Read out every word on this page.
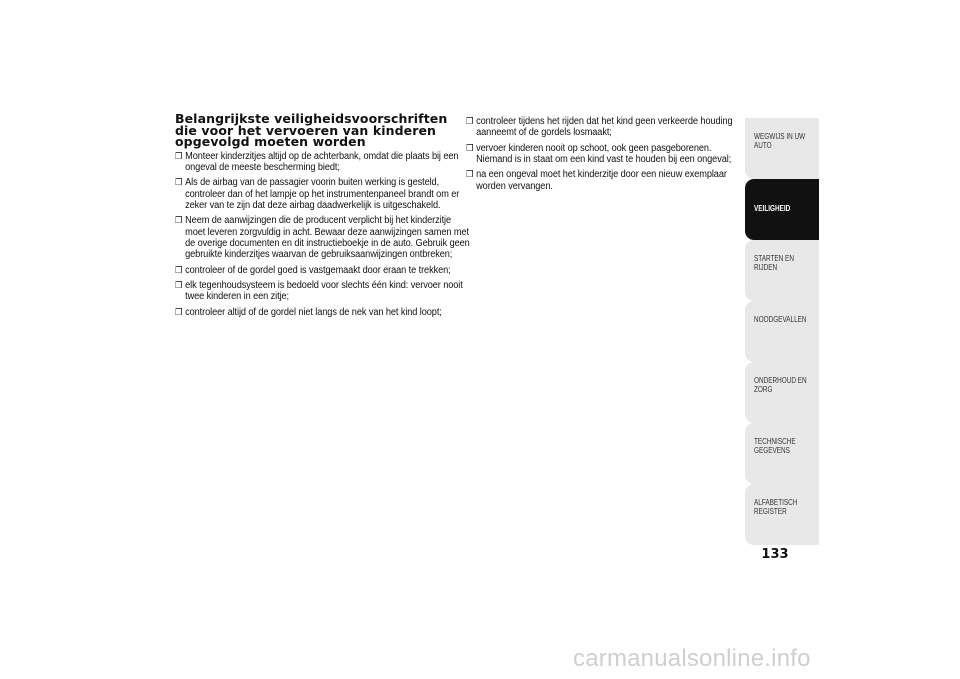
Belangrijkste veiligheidsvoorschriften die voor het vervoeren van kinderen opgevolgd moeten worden

❒ Monteer kinderzitjes altijd op de achterbank, omdat die plaats bij een ongeval de meeste bescherming biedt;

❒ Als de airbag van de passagier voorin buiten werking is gesteld, controleer dan of het lampje op het instrumentenpaneel brandt om er zeker van te zijn dat deze airbag daadwerkelijk is uitgeschakeld.

❒ Neem de aanwijzingen die de producent verplicht bij het kinderzitje moet leveren zorgvuldig in acht. Bewaar deze aanwijzingen samen met de overige documenten en dit instructieboekje in de auto. Gebruik geen gebruikte kinderzitjes waarvan de gebruiksaanwijzingen ontbreken;

❒ controleer of de gordel goed is vastgemaakt door eraan te trekken;

❒ elk tegenhoudsysteem is bedoeld voor slechts één kind: vervoer nooit twee kinderen in een zitje;

❒ controleer altijd of de gordel niet langs de nek van het kind loopt;

❒ controleer tijdens het rijden dat het kind geen verkeerde houding aanneemt of de gordels losmaakt;

❒ vervoer kinderen nooit op schoot, ook geen pasgeborenen. Niemand is in staat om een kind vast te houden bij een ongeval;

❒ na een ongeval moet het kinderzitje door een nieuw exemplaar worden vervangen.

WEGWIJS IN UW AUTO
VEILIGHEID
STARTEN EN RIJDEN
NOODGEVALLEN
ONDERHOUD EN ZORG
TECHNISCHE GEGEVENS
ALFABETISCH REGISTER
133
carmanualsonline.info
